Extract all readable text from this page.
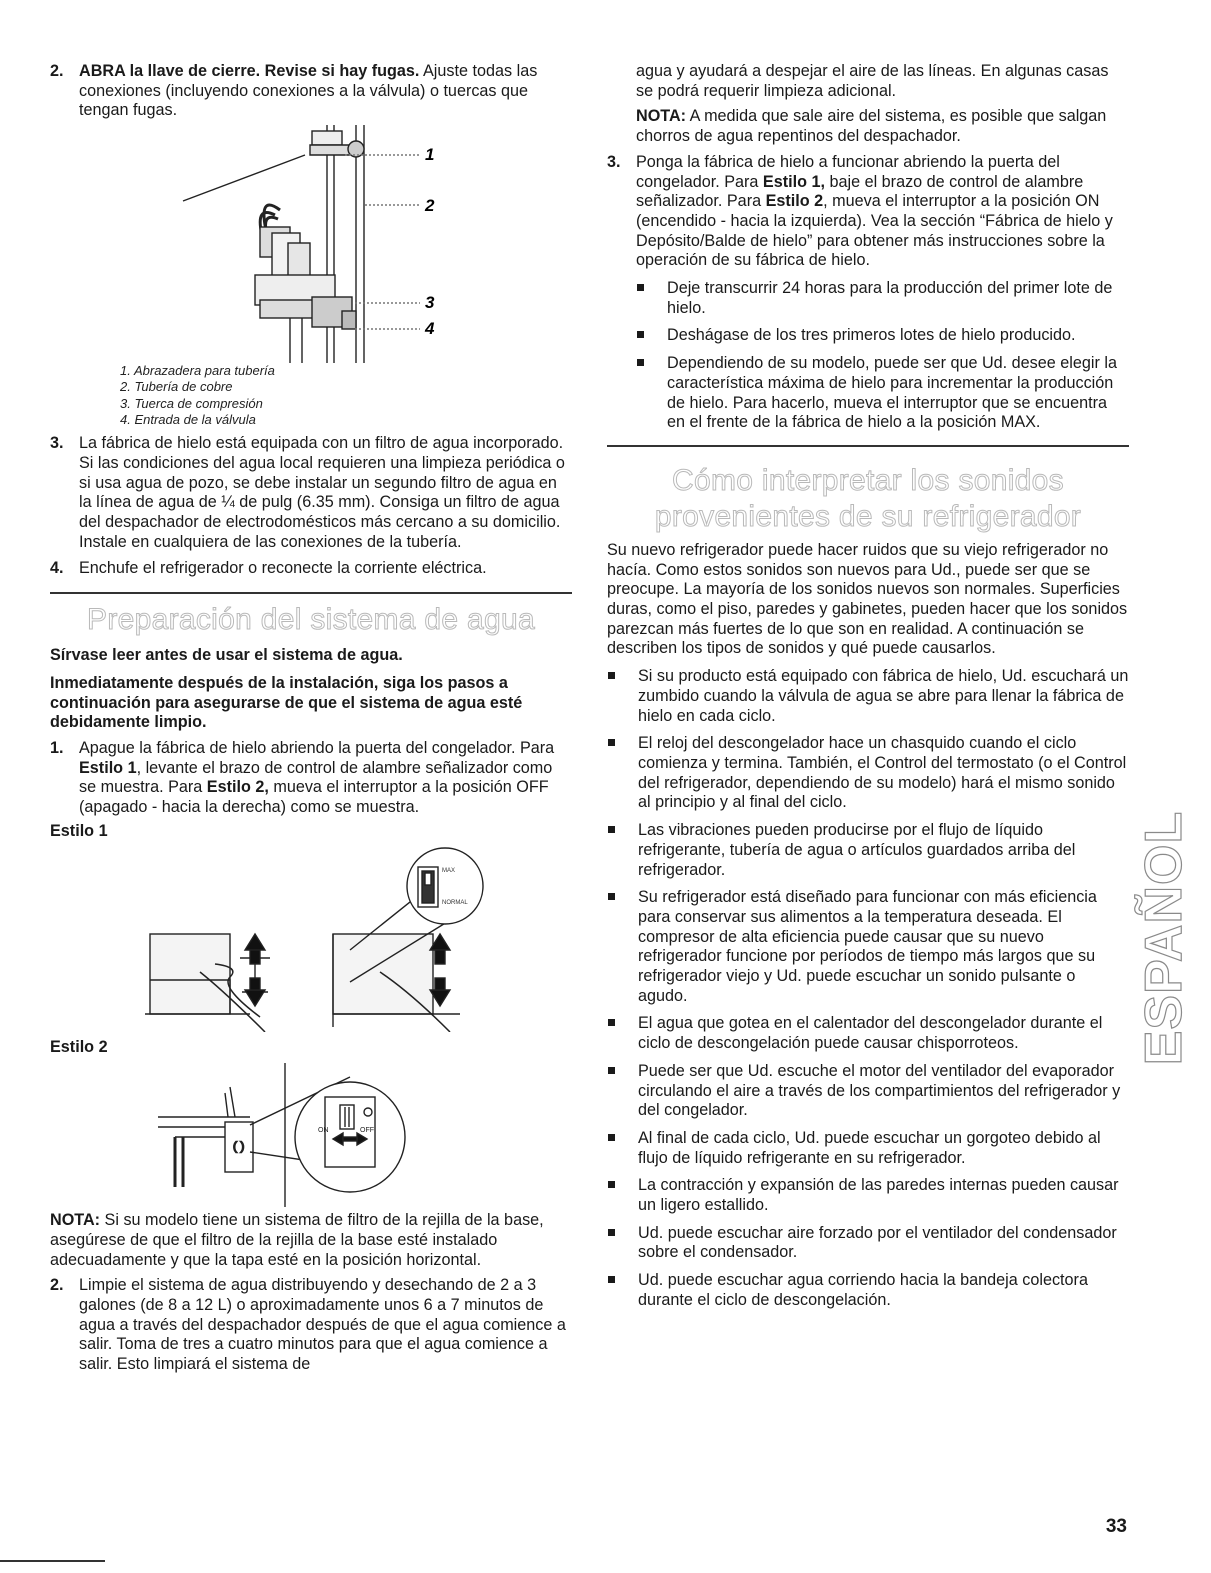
2. ABRA la llave de cierre. Revise si hay fugas. Ajuste todas las conexiones (incluyendo conexiones a la válvula) o tuercas que tengan fugas.
1
2
3
4
1. Abrazadera para tubería
2. Tubería de cobre
3. Tuerca de compresión
4. Entrada de la válvula
3. La fábrica de hielo está equipada con un filtro de agua incorporado. Si las condiciones del agua local requieren una limpieza periódica o si usa agua de pozo, se debe instalar un segundo filtro de agua en la línea de agua de ¼ de pulg (6.35 mm). Consiga un filtro de agua del despachador de electrodomésticos más cercano a su domicilio. Instale en cualquiera de las conexiones de la tubería.
4. Enchufe el refrigerador o reconecte la corriente eléctrica.
Preparación del sistema de agua

Sírvase leer antes de usar el sistema de agua.

Inmediatamente después de la instalación, siga los pasos a continuación para asegurarse de que el sistema de agua esté debidamente limpio.

1. Apague la fábrica de hielo abriendo la puerta del congelador. Para Estilo 1, levante el brazo de control de alambre señalizador como se muestra. Para Estilo 2, mueva el interruptor a la posición OFF (apagado - hacia la derecha) como se muestra.
Estilo 1
MAX
NORMAL
Estilo 2
( )
ON	OFF

NOTA: Si su modelo tiene un sistema de filtro de la rejilla de la base, asegúrese de que el filtro de la rejilla de la base esté instalado adecuadamente y que la tapa esté en la posición horizontal.

2. Limpie el sistema de agua distribuyendo y desechando de 2 a 3 galones (de 8 a 12 L) o aproximadamente unos 6 a 7 minutos de agua a través del despachador después de que el agua comience a salir. Toma de tres a cuatro minutos para que el agua comience a salir. Esto limpiará el sistema de

agua y ayudará a despejar el aire de las líneas. En algunas casas se podrá requerir limpieza adicional.

NOTA: A medida que sale aire del sistema, es posible que salgan chorros de agua repentinos del despachador.

3. Ponga la fábrica de hielo a funcionar abriendo la puerta del congelador. Para Estilo 1, baje el brazo de control de alambre señalizador. Para Estilo 2, mueva el interruptor a la posición ON (encendido - hacia la izquierda). Vea la sección “Fábrica de hielo y Depósito/Balde de hielo” para obtener más instrucciones sobre la operación de su fábrica de hielo.
Deje transcurrir 24 horas para la producción del primer lote de hielo.
Deshágase de los tres primeros lotes de hielo producido.
Dependiendo de su modelo, puede ser que Ud. desee elegir la característica máxima de hielo para incrementar la producción de hielo. Para hacerlo, mueva el interruptor que se encuentra en el frente de la fábrica de hielo a la posición MAX.
Cómo interpretar los sonidos
provenientes de su refrigerador

Su nuevo refrigerador puede hacer ruidos que su viejo refrigerador no hacía. Como estos sonidos son nuevos para Ud., puede ser que se preocupe. La mayoría de los sonidos nuevos son normales. Superficies duras, como el piso, paredes y gabinetes, pueden hacer que los sonidos parezcan más fuertes de lo que son en realidad. A continuación se describen los tipos de sonidos y qué puede causarlos.

Si su producto está equipado con fábrica de hielo, Ud. escuchará un zumbido cuando la válvula de agua se abre para llenar la fábrica de hielo en cada ciclo.
El reloj del descongelador hace un chasquido cuando el ciclo comienza y termina. También, el Control del termostato (o el Control del refrigerador, dependiendo de su modelo) hará el mismo sonido al principio y al final del ciclo.
Las vibraciones pueden producirse por el flujo de líquido refrigerante, tubería de agua o artículos guardados arriba del refrigerador.
Su refrigerador está diseñado para funcionar con más eficiencia para conservar sus alimentos a la temperatura deseada. El compresor de alta eficiencia puede causar que su nuevo refrigerador funcione por períodos de tiempo más largos que su refrigerador viejo y Ud. puede escuchar un sonido pulsante o agudo.
El agua que gotea en el calentador del descongelador durante el ciclo de descongelación puede causar chisporroteos.
Puede ser que Ud. escuche el motor del ventilador del evaporador circulando el aire a través de los compartimientos del refrigerador y del congelador.
Al final de cada ciclo, Ud. puede escuchar un gorgoteo debido al flujo de líquido refrigerante en su refrigerador.
La contracción y expansión de las paredes internas pueden causar un ligero estallido.
Ud. puede escuchar aire forzado por el ventilador del condensador sobre el condensador.
Ud. puede escuchar agua corriendo hacia la bandeja colectora durante el ciclo de descongelación.
ESPAÑOL
33
